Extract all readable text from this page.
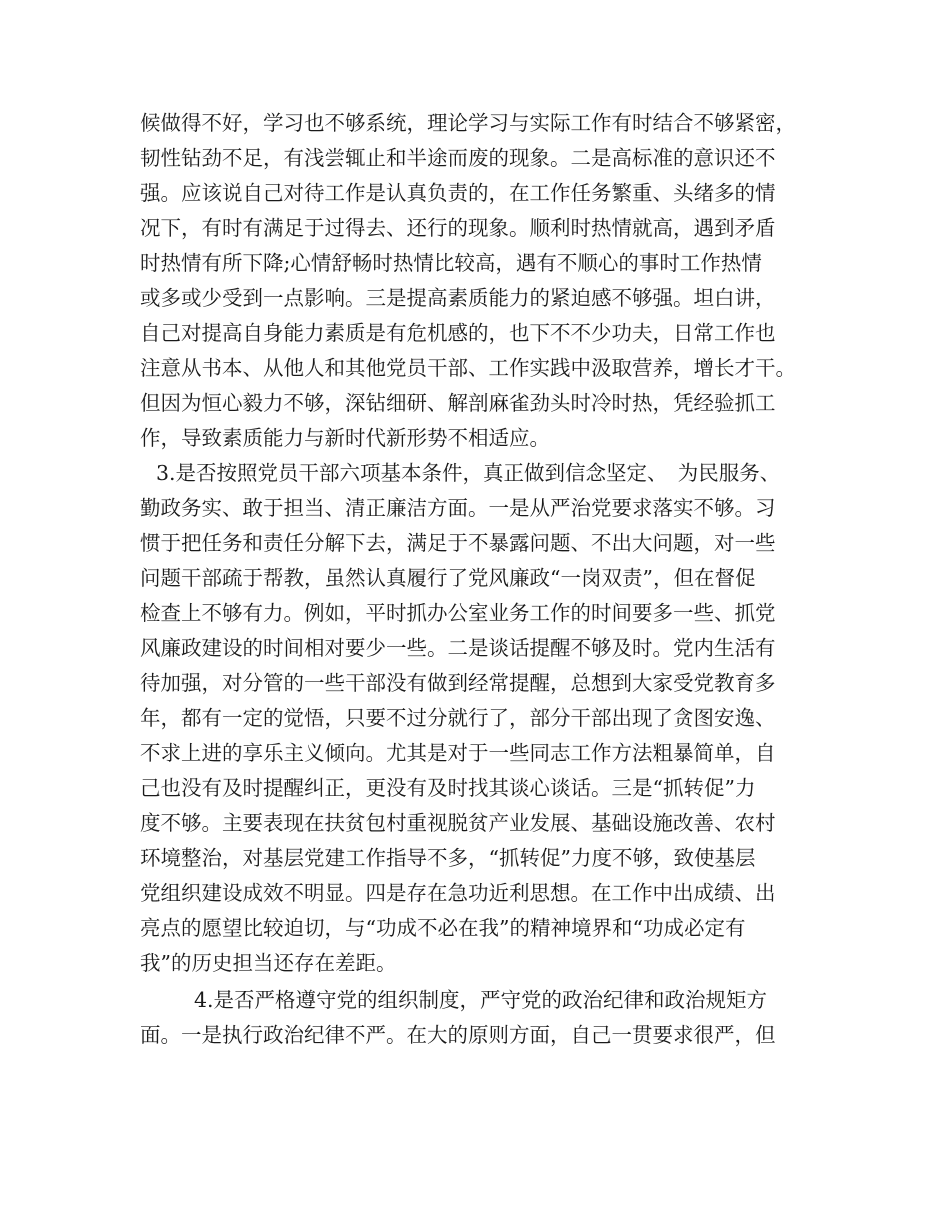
候做得不好，学习也不够系统，理论学习与实际工作有时结合不够紧密，
韧性钻劲不足，有浅尝辄止和半途而废的现象。二是高标准的意识还不
强。应该说自己对待工作是认真负责的，在工作任务繁重、头绪多的情
况下，有时有满足于过得去、还行的现象。顺利时热情就高，遇到矛盾
时热情有所下降;心情舒畅时热情比较高，遇有不顺心的事时工作热情
或多或少受到一点影响。三是提高素质能力的紧迫感不够强。坦白讲，
自己对提高自身能力素质是有危机感的，也下不不少功夫，日常工作也
注意从书本、从他人和其他党员干部、工作实践中汲取营养，增长才干。
但因为恒心毅力不够，深钻细研、解剖麻雀劲头时冷时热，凭经验抓工
作，导致素质能力与新时代新形势不相适应。
3.是否按照党员干部六项基本条件，真正做到信念坚定、　为民服务、
勤政务实、敢于担当、清正廉洁方面。一是从严治党要求落实不够。习
惯于把任务和责任分解下去，满足于不暴露问题、不出大问题，对一些
问题干部疏于帮教，虽然认真履行了党风廉政“一岗双责”，但在督促
检查上不够有力。例如，平时抓办公室业务工作的时间要多一些、抓党
风廉政建设的时间相对要少一些。二是谈话提醒不够及时。党内生活有
待加强，对分管的一些干部没有做到经常提醒，总想到大家受党教育多
年，都有一定的觉悟，只要不过分就行了，部分干部出现了贪图安逸、
不求上进的享乐主义倾向。尤其是对于一些同志工作方法粗暴简单，自
己也没有及时提醒纠正，更没有及时找其谈心谈话。三是“抓转促”力
度不够。主要表现在扶贫包村重视脱贫产业发展、基础设施改善、农村
环境整治，对基层党建工作指导不多，“抓转促”力度不够，致使基层
党组织建设成效不明显。四是存在急功近利思想。在工作中出成绩、出
亮点的愿望比较迫切，与“功成不必在我”的精神境界和“功成必定有
我”的历史担当还存在差距。
4.是否严格遵守党的组织制度，严守党的政治纪律和政治规矩方
面。一是执行政治纪律不严。在大的原则方面，自己一贯要求很严，但
